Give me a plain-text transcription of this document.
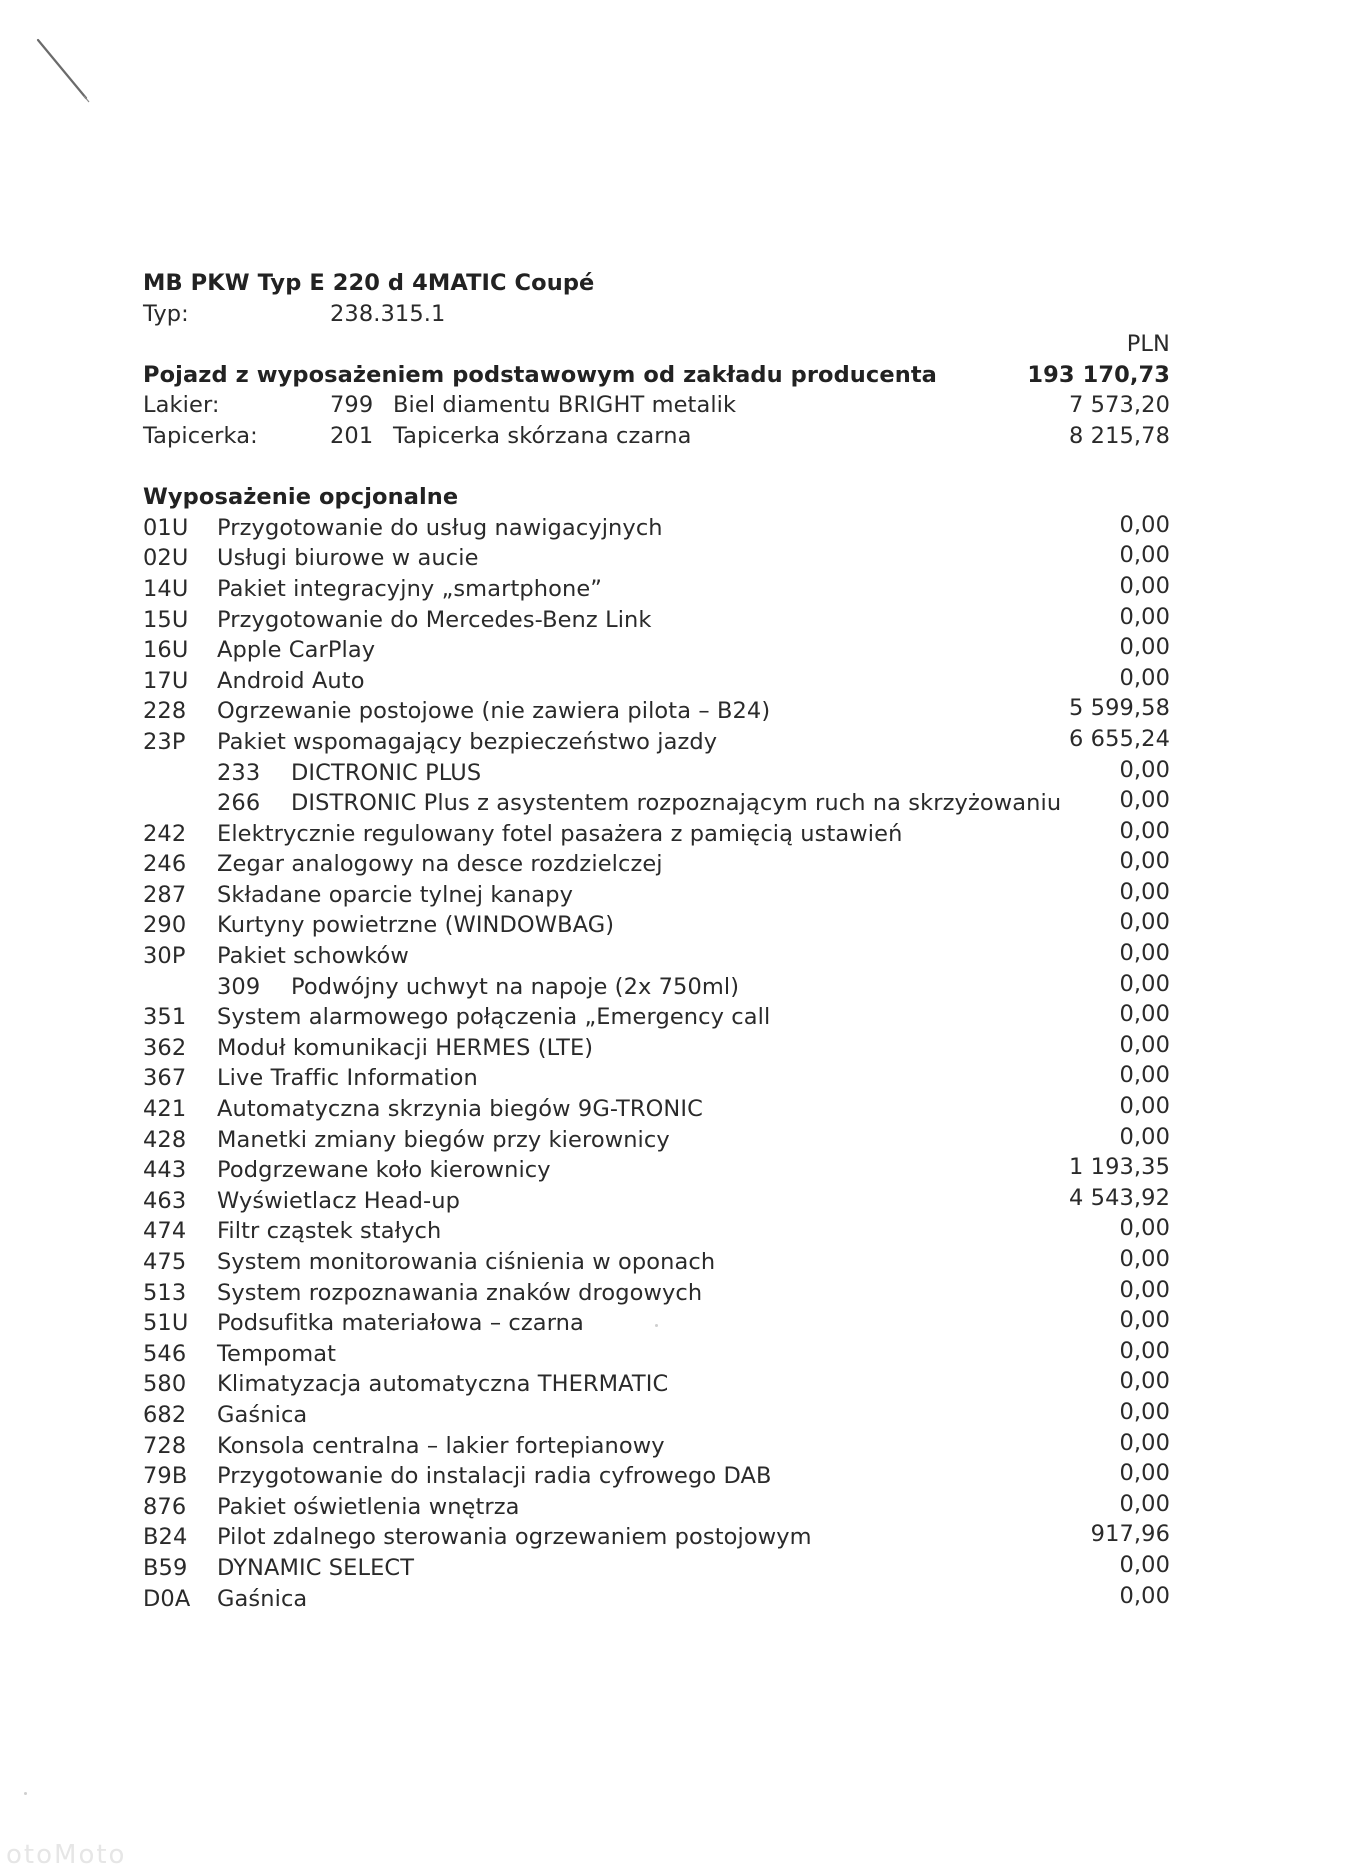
MB PKW Typ E 220 d 4MATIC Coupé
Typ:	238.315.1
PLN
Pojazd z wyposażeniem podstawowym od zakładu producenta	193 170,73
Lakier:	799 Biel diamentu BRIGHT metalik	7 573,20
Tapicerka:	201 Tapicerka skórzana czarna	8 215,78
Wyposażenie opcjonalne
01U Przygotowanie do usług nawigacyjnych	0,00
02U Usługi biurowe w aucie	0,00
14U Pakiet integracyjny „smartphone”	0,00
15U Przygotowanie do Mercedes-Benz Link	0,00
16U Apple CarPlay	0,00
17U Android Auto	0,00
228 Ogrzewanie postojowe (nie zawiera pilota – B24)	5 599,58
23P Pakiet wspomagający bezpieczeństwo jazdy	6 655,24
233 DICTRONIC PLUS	0,00
266 DISTRONIC Plus z asystentem rozpoznającym ruch na skrzyżowaniu	0,00
242 Elektrycznie regulowany fotel pasażera z pamięcią ustawień	0,00
246 Zegar analogowy na desce rozdzielczej	0,00
287 Składane oparcie tylnej kanapy	0,00
290 Kurtyny powietrzne (WINDOWBAG)	0,00
30P Pakiet schowków	0,00
309 Podwójny uchwyt na napoje (2x 750ml)	0,00
351 System alarmowego połączenia „Emergency call	0,00
362 Moduł komunikacji HERMES (LTE)	0,00
367 Live Traffic Information	0,00
421 Automatyczna skrzynia biegów 9G-TRONIC	0,00
428 Manetki zmiany biegów przy kierownicy	0,00
443 Podgrzewane koło kierownicy	1 193,35
463 Wyświetlacz Head-up	4 543,92
474 Filtr cząstek stałych	0,00
475 System monitorowania ciśnienia w oponach	0,00
513 System rozpoznawania znaków drogowych	0,00
51U Podsufitka materiałowa – czarna	0,00
546 Tempomat	0,00
580 Klimatyzacja automatyczna THERMATIC	0,00
682 Gaśnica	0,00
728 Konsola centralna – lakier fortepianowy	0,00
79B Przygotowanie do instalacji radia cyfrowego DAB	0,00
876 Pakiet oświetlenia wnętrza	0,00
B24 Pilot zdalnego sterowania ogrzewaniem postojowym	917,96
B59 DYNAMIC SELECT	0,00
D0A Gaśnica	0,00
otoMoto
